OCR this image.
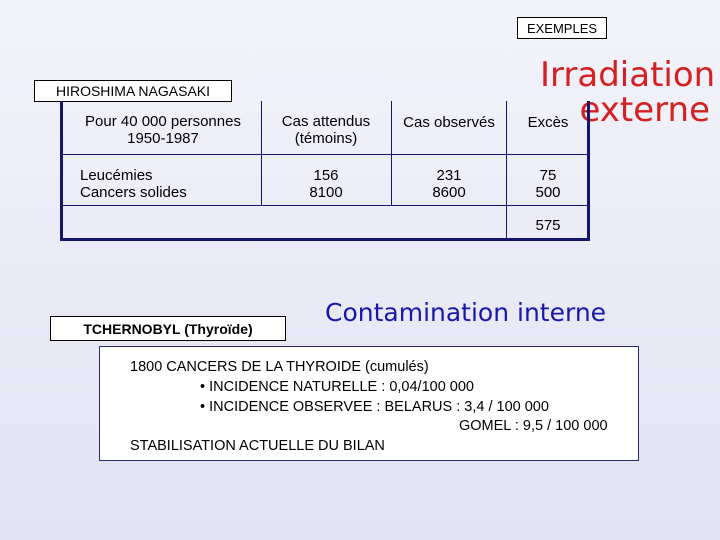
EXEMPLES
Irradiation
externe
HIROSHIMA NAGASAKI
Pour 40 000 personnes
1950-1987
Cas attendus
(témoins)
Cas observés	Excès
Leucémies
Cancers solides
156
8100
231
8600
75
500
575
Contamination interne
TCHERNOBYL (Thyroïde)
1800 CANCERS DE LA THYROIDE (cumulés)
• INCIDENCE NATURELLE : 0,04/100 000
• INCIDENCE OBSERVEE : BELARUS : 3,4 / 100 000
GOMEL : 9,5 / 100 000
STABILISATION ACTUELLE DU BILAN
